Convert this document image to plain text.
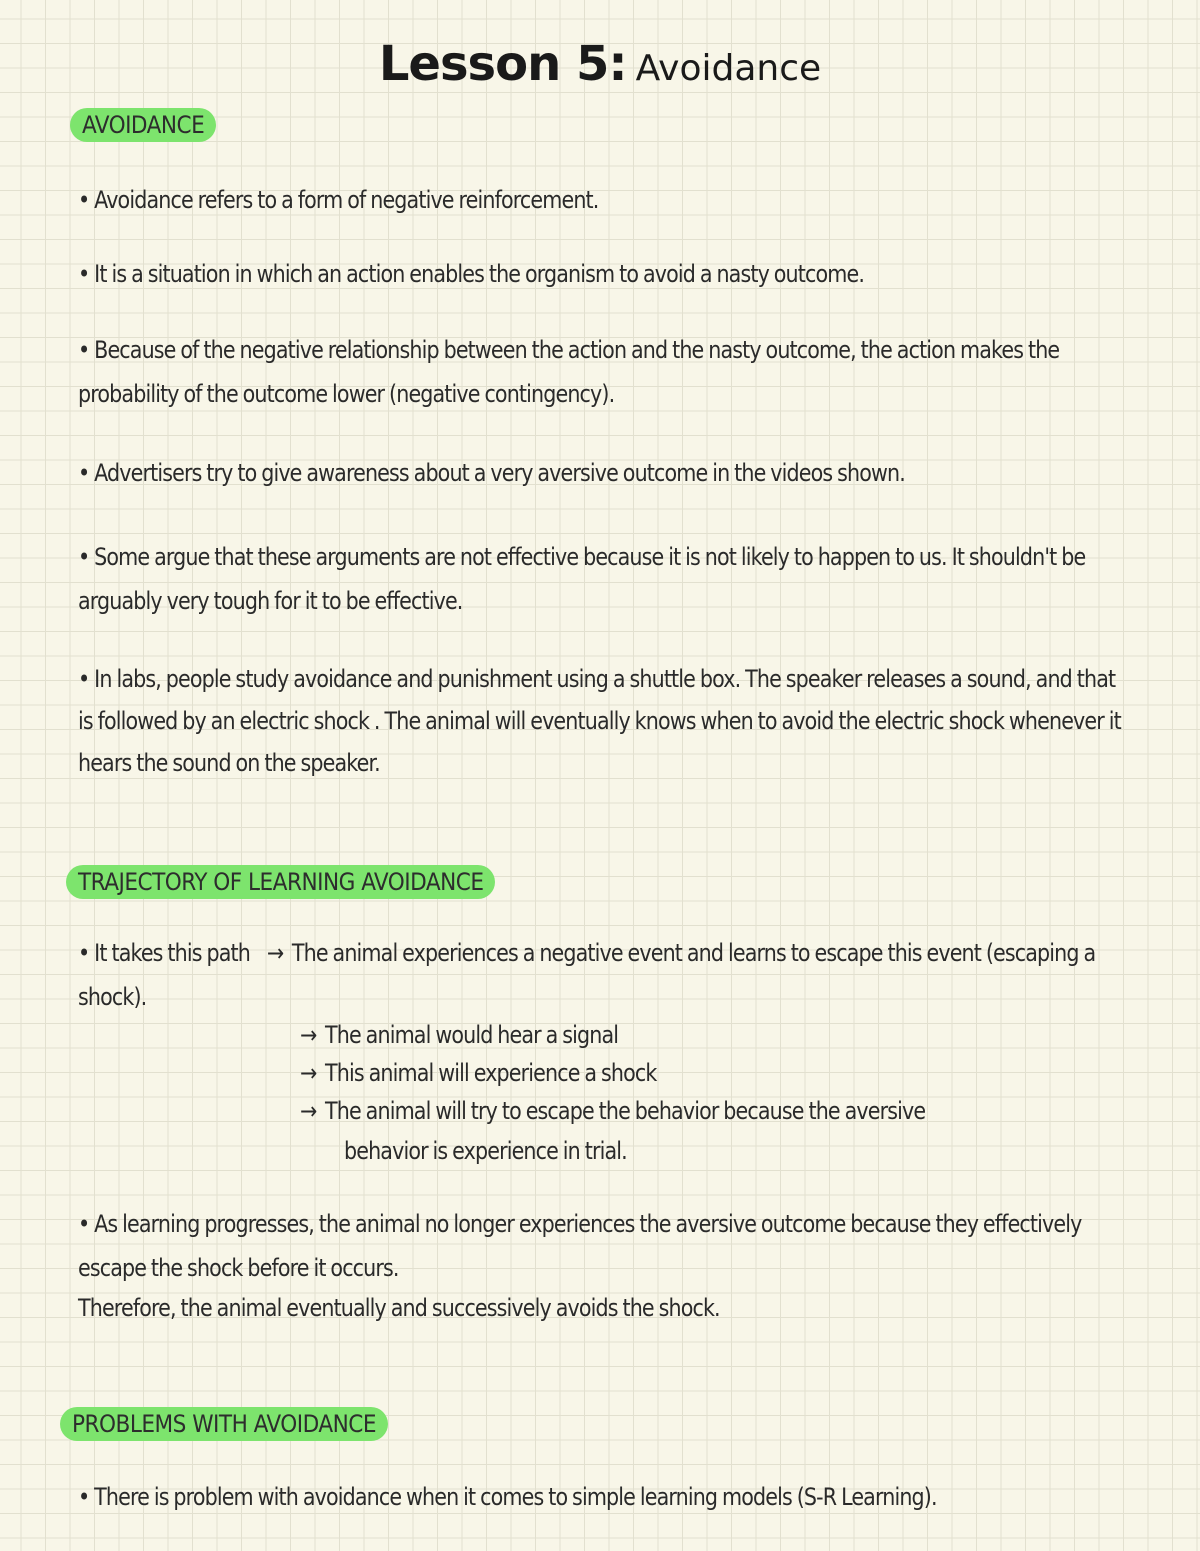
Lesson 5: Avoidance
AVOIDANCE
• Avoidance refers to a form of negative reinforcement.
• It is a situation in which an action enables the organism to avoid a nasty outcome.
• Because of the negative relationship between the action and the nasty outcome, the action makes the probability of the outcome lower (negative contingency).
• Advertisers try to give awareness about a very aversive outcome in the videos shown.
• Some argue that these arguments are not effective because it is not likely to happen to us. It shouldn't be arguably very tough for it to be effective.
• In labs, people study avoidance and punishment using a shuttle box. The speaker releases a sound, and that is followed by an electric shock . The animal will eventually knows when to avoid the electric shock whenever it hears the sound on the speaker.
TRAJECTORY OF LEARNING AVOIDANCE
• It takes this path → The animal experiences a negative event and learns to escape this event (escaping a shock).
→ The animal would hear a signal
→ This animal will experience a shock
→ The animal will try to escape the behavior because the aversive
behavior is experience in trial.
• As learning progresses, the animal no longer experiences the aversive outcome because they effectively escape the shock before it occurs.
Therefore, the animal eventually and successively avoids the shock.
PROBLEMS WITH AVOIDANCE
• There is problem with avoidance when it comes to simple learning models (S-R Learning).
